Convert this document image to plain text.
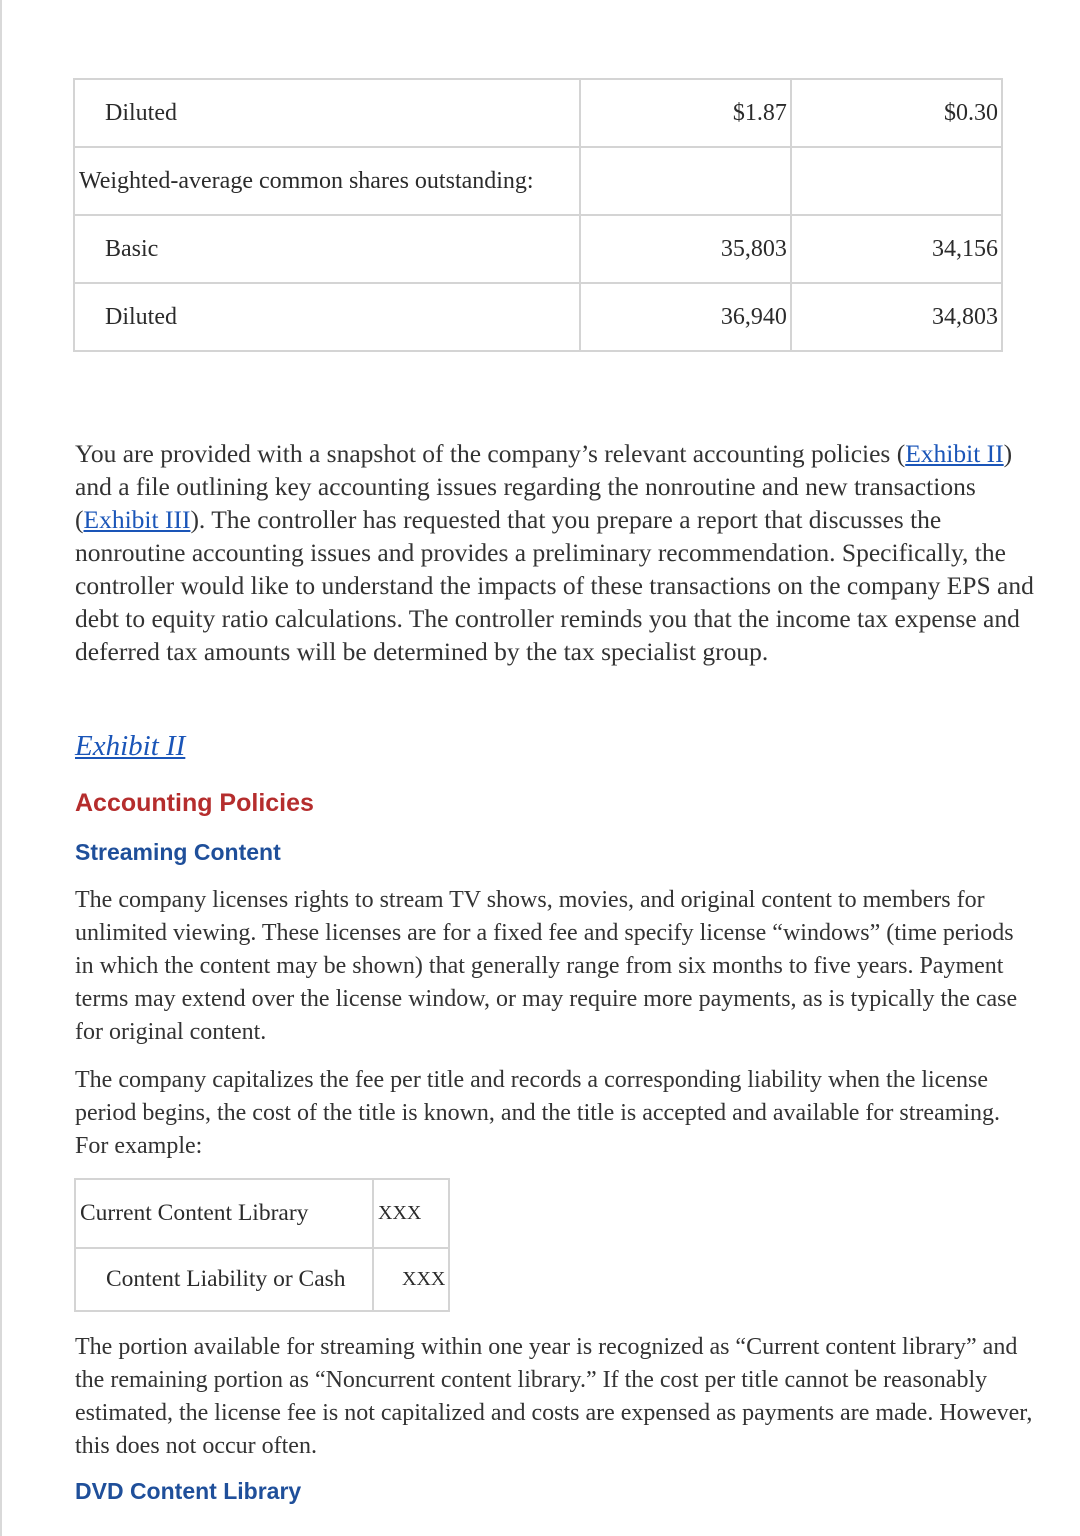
Diluted	$1.87	$0.30
Weighted-average common shares outstanding:		
Basic	35,803	34,156
Diluted	36,940	34,803

You are provided with a snapshot of the company’s relevant accounting policies (Exhibit II) and a file outlining key accounting issues regarding the nonroutine and new transactions (Exhibit III). The controller has requested that you prepare a report that discusses the nonroutine accounting issues and provides a preliminary recommendation. Specifically, the controller would like to understand the impacts of these transactions on the company EPS and debt to equity ratio calculations. The controller reminds you that the income tax expense and deferred tax amounts will be determined by the tax specialist group.

Exhibit II
Accounting Policies
Streaming Content

The company licenses rights to stream TV shows, movies, and original content to members for unlimited viewing. These licenses are for a fixed fee and specify license “windows” (time periods in which the content may be shown) that generally range from six months to five years. Payment terms may extend over the license window, or may require more payments, as is typically the case for original content.

The company capitalizes the fee per title and records a corresponding liability when the license period begins, the cost of the title is known, and the title is accepted and available for streaming. For example:

Current Content Library	XXX
Content Liability or Cash	XXX

The portion available for streaming within one year is recognized as “Current content library” and the remaining portion as “Noncurrent content library.” If the cost per title cannot be reasonably estimated, the license fee is not capitalized and costs are expensed as payments are made. However, this does not occur often.

DVD Content Library
